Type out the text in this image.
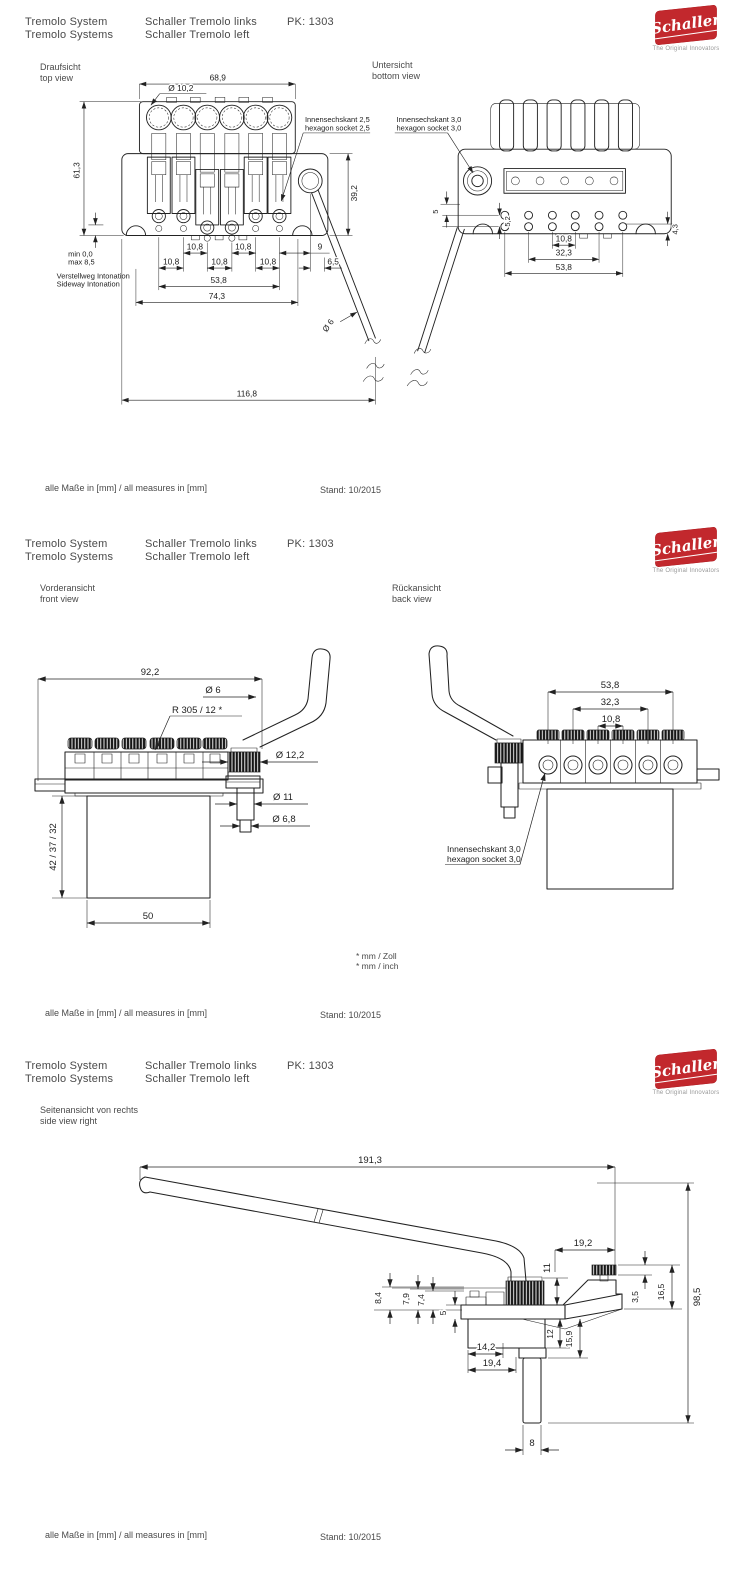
Tremolo System
Tremolo Systems
Schaller Tremolo links
Schaller Tremolo left
PK: 1303	Schaller
The Original Innovators
Draufsicht
top view
Untersicht
bottom view
68,9
Ø 10,2
61,3
39,2
min 0,0
max 8,5
Verstellweg Intonation
Sideway Intonation
10,8	10,8	9
10,8	10,8	10,8	6,5
53,8
74,3
116,8
Ø 6
Innensechskant 2,5
hexagon socket 2,5
Innensechskant 3,0
hexagon socket 3,0
5
5,2
10,8
32,3
53,8
4,3
alle Maße in [mm] / all measures in [mm]	Stand: 10/2015
Tremolo System
Tremolo Systems
Schaller Tremolo links
Schaller Tremolo left
PK: 1303	Schaller
The Original Innovators
Vorderansicht
front view
Rückansicht
back view
92,2
Ø 6
R 305 / 12 *
Ø 12,2
Ø 11
Ø 6,8
42 / 37 / 32
50
53,8
32,3
10,8
Innensechskant 3,0
hexagon socket 3,0
* mm / Zoll
* mm / inch
alle Maße in [mm] / all measures in [mm]	Stand: 10/2015
Tremolo System
Tremolo Systems
Schaller Tremolo links
Schaller Tremolo left
PK: 1303	Schaller
The Original Innovators
Seitenansicht von rechts
side view right
191,3
98,5
19,2
11
8,4 7,9 7,4
5
3,5 16,5
12 15,9
14,2
19,4
8
alle Maße in [mm] / all measures in [mm]	Stand: 10/2015
